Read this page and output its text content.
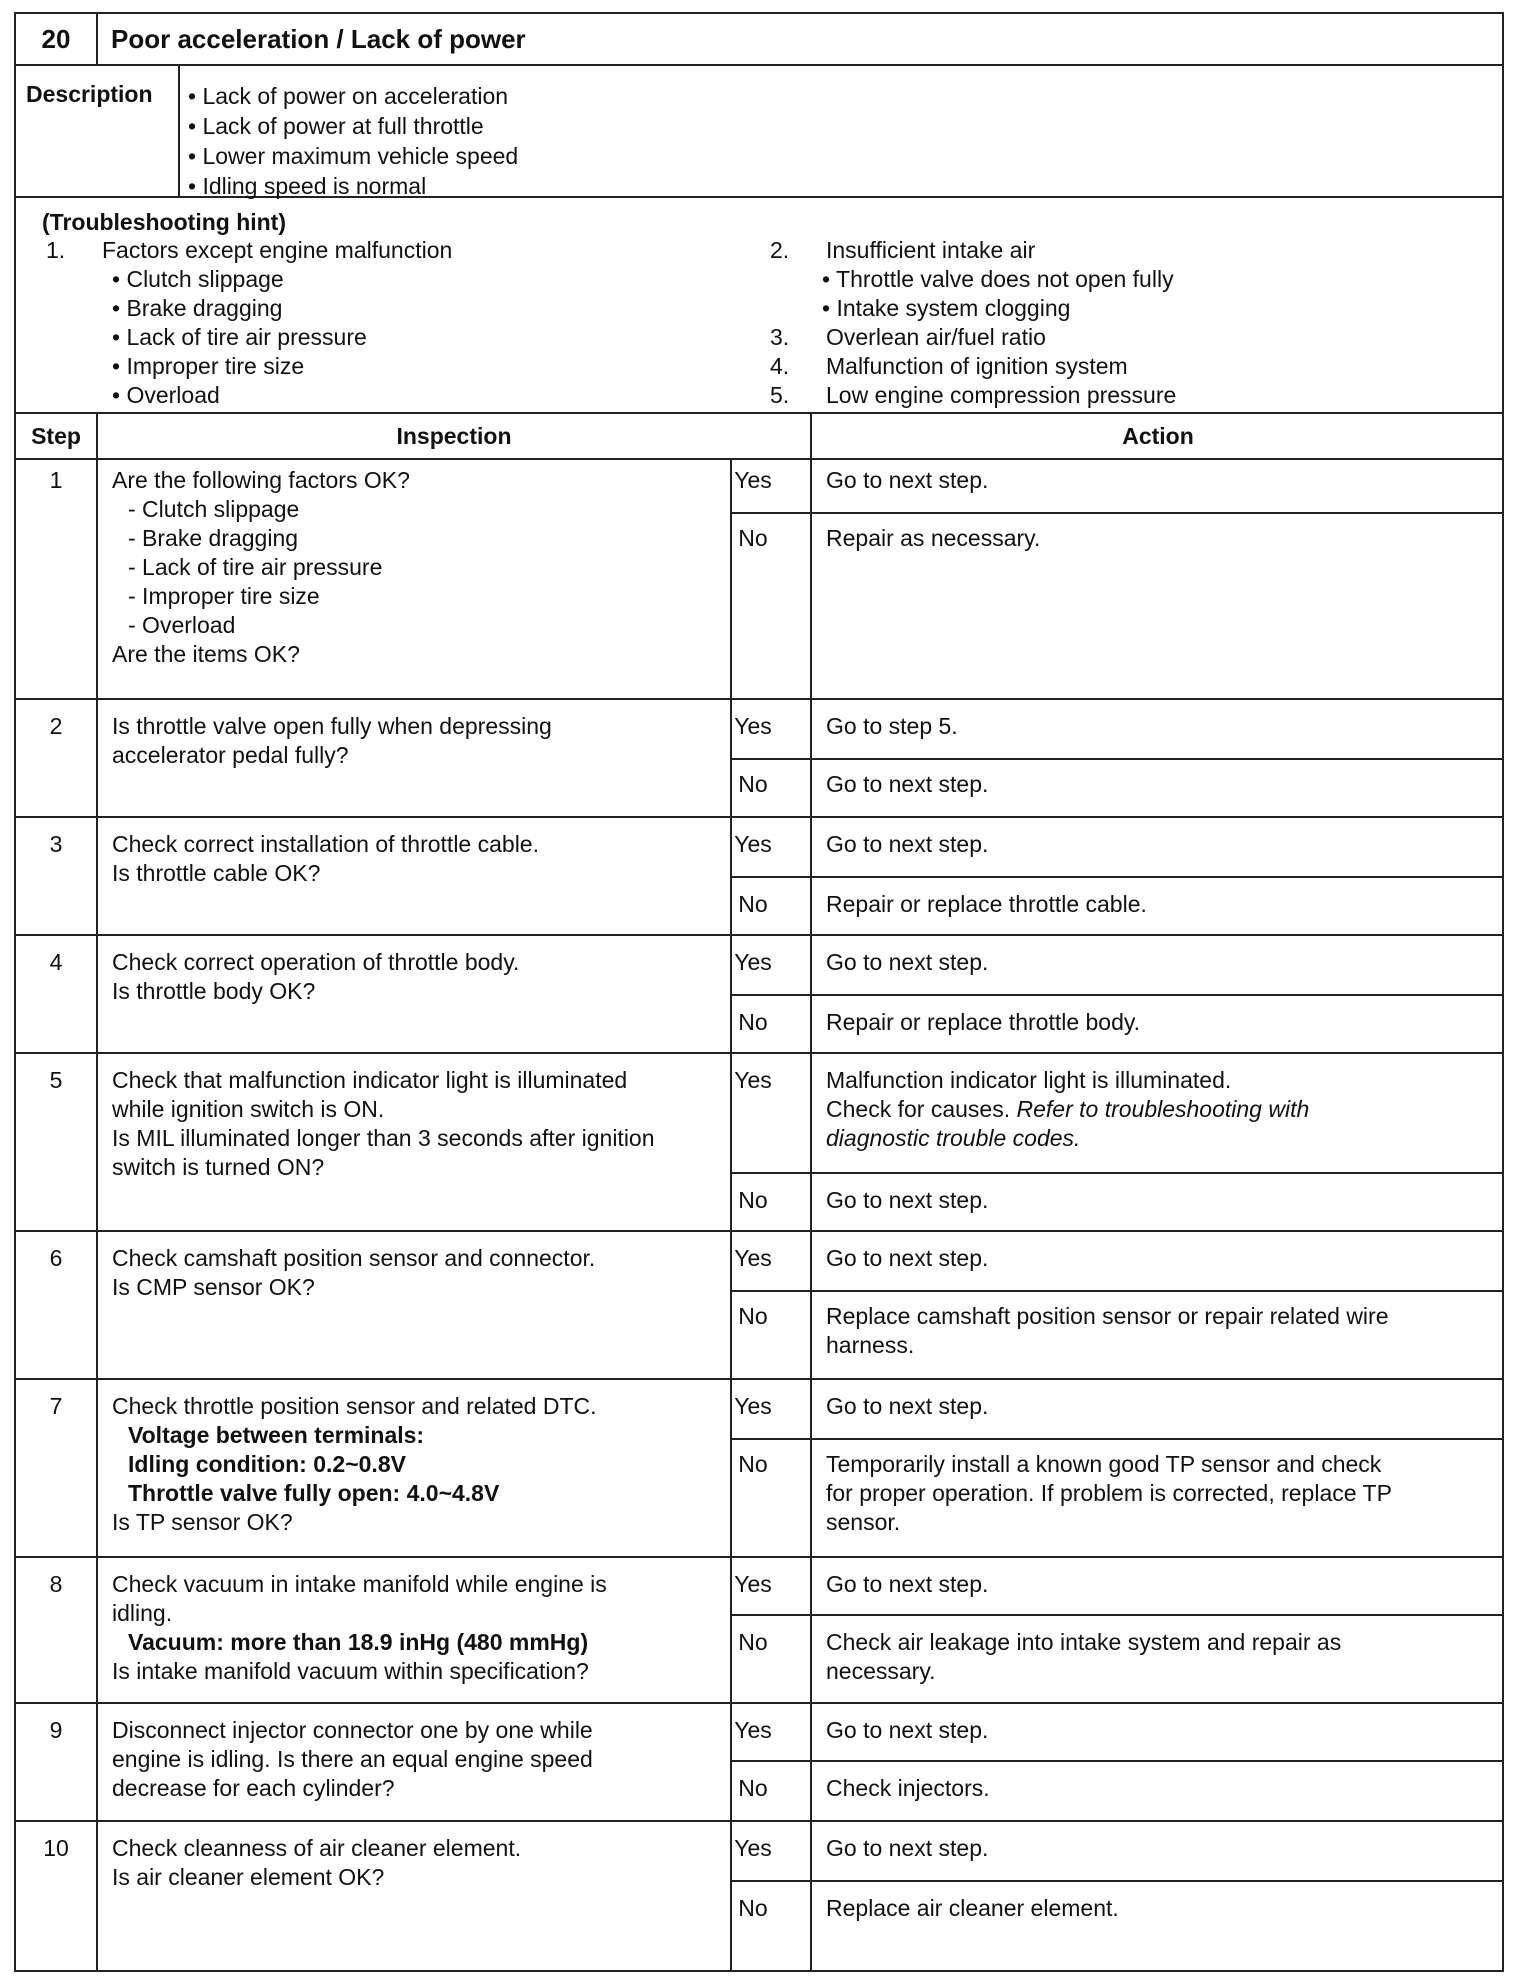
20	Poor acceleration / Lack of power
Description	• Lack of power on acceleration
• Lack of power at full throttle
• Lower maximum vehicle speed
• Idling speed is normal
(Troubleshooting hint)
1. Factors except engine malfunction
• Clutch slippage
• Brake dragging
• Lack of tire air pressure
• Improper tire size
• Overload
2. Insufficient intake air
• Throttle valve does not open fully
• Intake system clogging
3. Overlean air/fuel ratio
4. Malfunction of ignition system
5. Low engine compression pressure
Step	Inspection	Action
1	Are the following factors OK?
- Clutch slippage
- Brake dragging
- Lack of tire air pressure
- Improper tire size
- Overload
Are the items OK?
Yes Go to next step.
No	Repair as necessary.
2	Is throttle valve open fully when depressing
accelerator pedal fully?
Yes Go to step 5.
No	Go to next step.
3	Check correct installation of throttle cable.
Is throttle cable OK?
Yes Go to next step.
No	Repair or replace throttle cable.
4	Check correct operation of throttle body.
Is throttle body OK?
Yes Go to next step.
No	Repair or replace throttle body.
5	Check that malfunction indicator light is illuminated
while ignition switch is ON.
Is MIL illuminated longer than 3 seconds after ignition
switch is turned ON?
Yes Malfunction indicator light is illuminated.
Check for causes. Refer to troubleshooting with
diagnostic trouble codes.
No	Go to next step.
6	Check camshaft position sensor and connector.
Is CMP sensor OK?
Yes Go to next step.
No	Replace camshaft position sensor or repair related wire
harness.
7	Check throttle position sensor and related DTC.
Voltage between terminals:
Idling condition: 0.2~0.8V
Throttle valve fully open: 4.0~4.8V
Is TP sensor OK?
Yes Go to next step.
No	Temporarily install a known good TP sensor and check
for proper operation. If problem is corrected, replace TP
sensor.
8	Check vacuum in intake manifold while engine is
idling.
Vacuum: more than 18.9 inHg (480 mmHg)
Is intake manifold vacuum within specification?
Yes Go to next step.
No	Check air leakage into intake system and repair as
necessary.
9	Disconnect injector connector one by one while
engine is idling. Is there an equal engine speed
decrease for each cylinder?
Yes Go to next step.
No	Check injectors.
10	Check cleanness of air cleaner element.
Is air cleaner element OK?
Yes Go to next step.
No	Replace air cleaner element.
